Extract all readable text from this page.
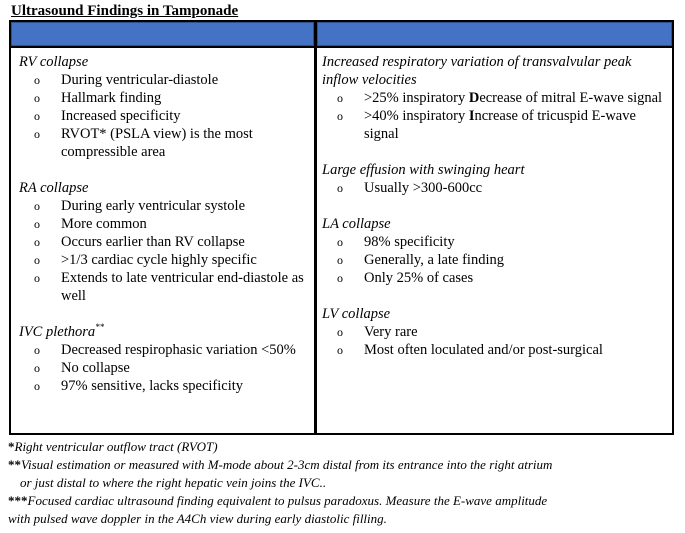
Ultrasound Findings in Tamponade
RV collapse
o During ventricular-diastole
o Hallmark finding
o Increased specificity
o RVOT* (PSLA view) is the most compressible area
RA collapse
o During early ventricular systole
o More common
o Occurs earlier than RV collapse
o >1/3 cardiac cycle highly specific
o Extends to late ventricular end-diastole as well
IVC plethora**
o Decreased respirophasic variation <50%
o No collapse
o 97% sensitive, lacks specificity
Increased respiratory variation of transvalvular peak inflow velocities
o >25% inspiratory Decrease of mitral E-wave signal
o >40% inspiratory Increase of tricuspid E-wave signal
Large effusion with swinging heart
o Usually >300-600cc
LA collapse
o 98% specificity
o Generally, a late finding
o Only 25% of cases
LV collapse
o Very rare
o Most often loculated and/or post-surgical
*Right ventricular outflow tract (RVOT)
**Visual estimation or measured with M-mode about 2-3cm distal from its entrance into the right atrium
or just distal to where the right hepatic vein joins the IVC..
***Focused cardiac ultrasound finding equivalent to pulsus paradoxus. Measure the E-wave amplitude
with pulsed wave doppler in the A4Ch view during early diastolic filling.
